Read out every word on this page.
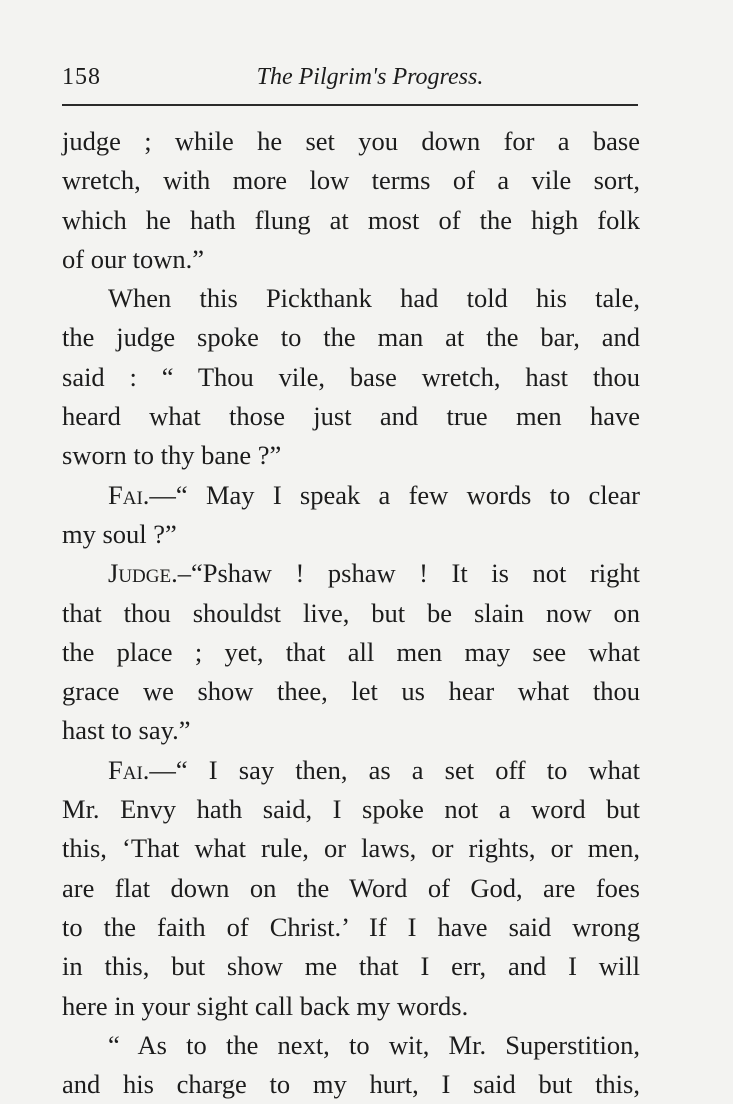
158	The Pilgrim's Progress.
judge ; while he set you down for a base
wretch, with more low terms of a vile sort,
which he hath flung at most of the high folk
of our town.”
When this Pickthank had told his tale,
the judge spoke to the man at the bar, and
said : “ Thou vile, base wretch, hast thou
heard what those just and true men have
sworn to thy bane ?”
Fai.—“ May I speak a few words to clear
my soul ?”
Judge.–“Pshaw ! pshaw ! It is not right
that thou shouldst live, but be slain now on
the place ; yet, that all men may see what
grace we show thee, let us hear what thou
hast to say.”
Fai.—“ I say then, as a set off to what
Mr. Envy hath said, I spoke not a word but
this, ‘That what rule, or laws, or rights, or men,
are flat down on the Word of God, are foes
to the faith of Christ.’ If I have said wrong
in this, but show me that I err, and I will
here in your sight call back my words.
“ As to the next, to wit, Mr. Superstition,
and his charge to my hurt, I said but this,
